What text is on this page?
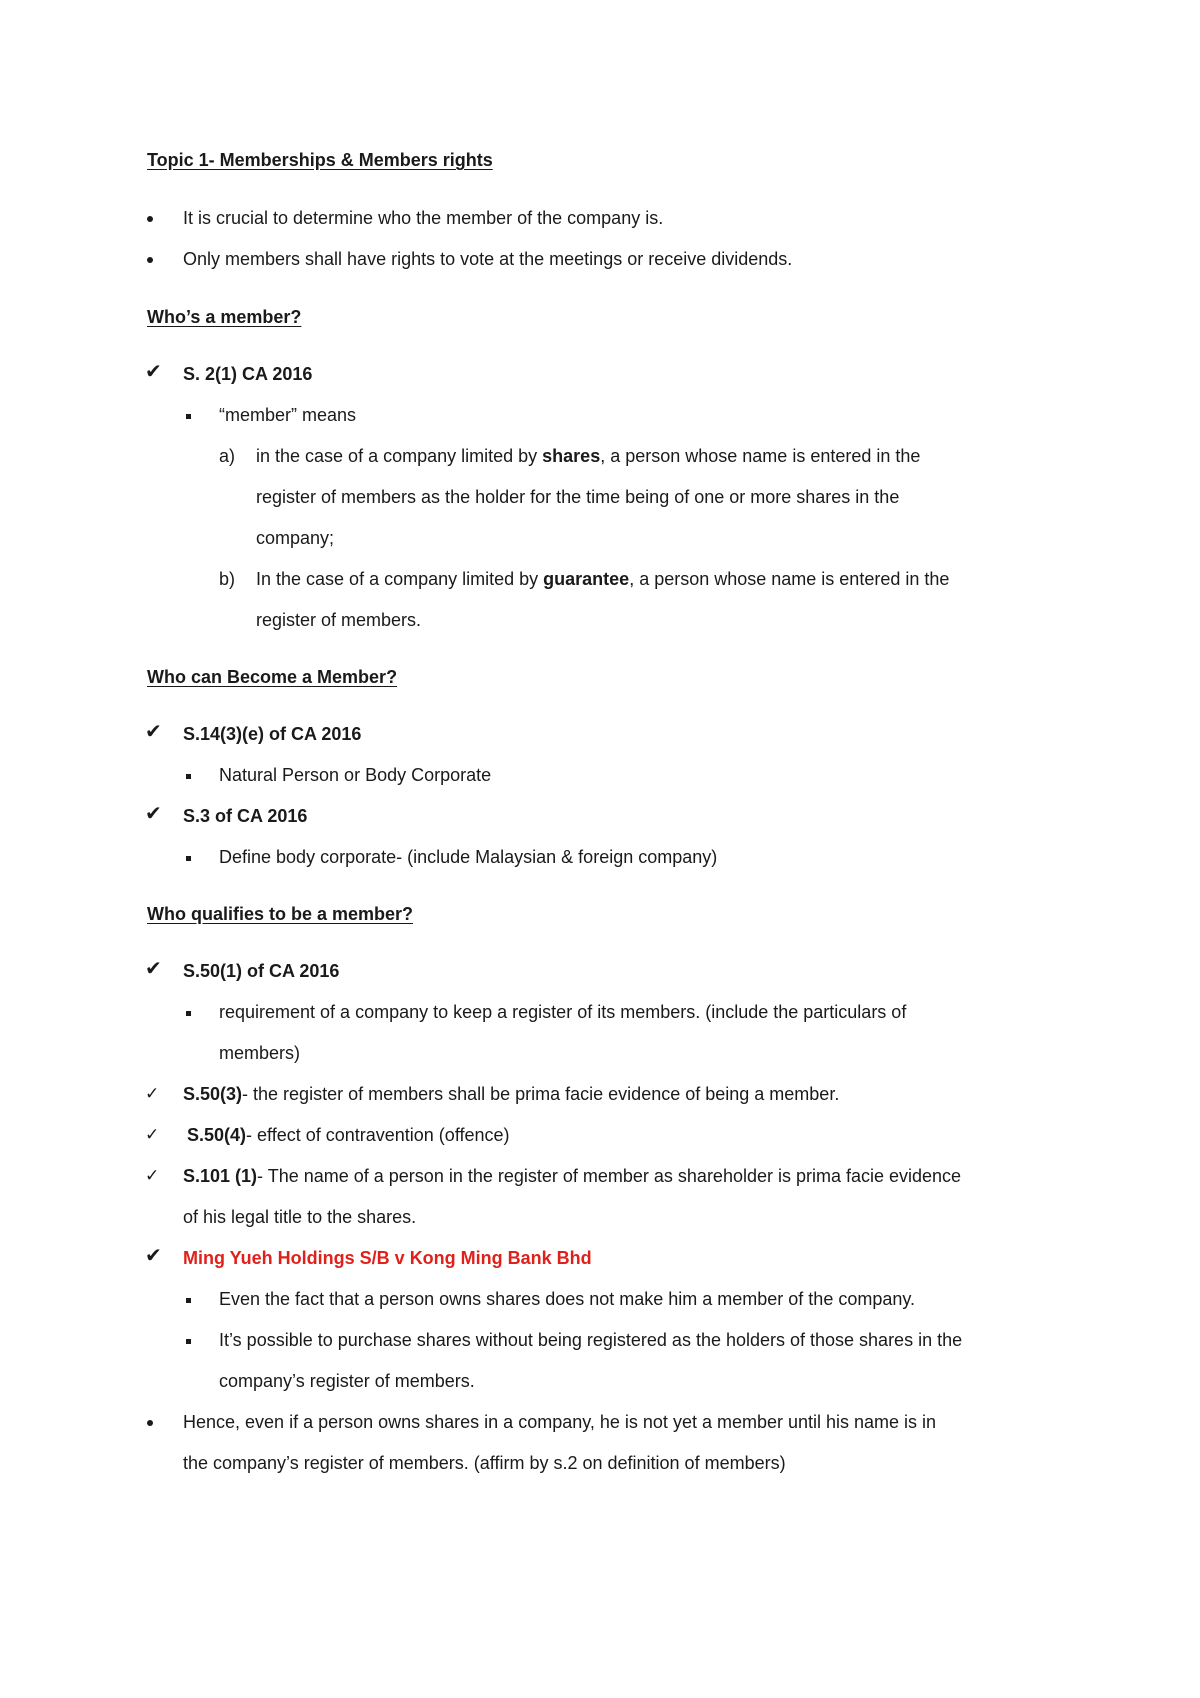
Topic 1- Memberships & Members rights
It is crucial to determine who the member of the company is.
Only members shall have rights to vote at the meetings or receive dividends.
Who’s a member?
✔ S. 2(1) CA 2016
“member” means
a) in the case of a company limited by shares, a person whose name is entered in the
register of members as the holder for the time being of one or more shares in the
company;
b) In the case of a company limited by guarantee, a person whose name is entered in the
register of members.
Who can Become a Member?
✔ S.14(3)(e) of CA 2016
Natural Person or Body Corporate
✔ S.3 of CA 2016
Define body corporate- (include Malaysian & foreign company)
Who qualifies to be a member?
✔ S.50(1) of CA 2016
requirement of a company to keep a register of its members. (include the particulars of
members)
✓ S.50(3)- the register of members shall be prima facie evidence of being a member.
✓ S.50(4)- effect of contravention (offence)
✓ S.101 (1)- The name of a person in the register of member as shareholder is prima facie evidence
of his legal title to the shares.
✔ Ming Yueh Holdings S/B v Kong Ming Bank Bhd
Even the fact that a person owns shares does not make him a member of the company.
It’s possible to purchase shares without being registered as the holders of those shares in the
company’s register of members.
Hence, even if a person owns shares in a company, he is not yet a member until his name is in
the company’s register of members. (affirm by s.2 on definition of members)
